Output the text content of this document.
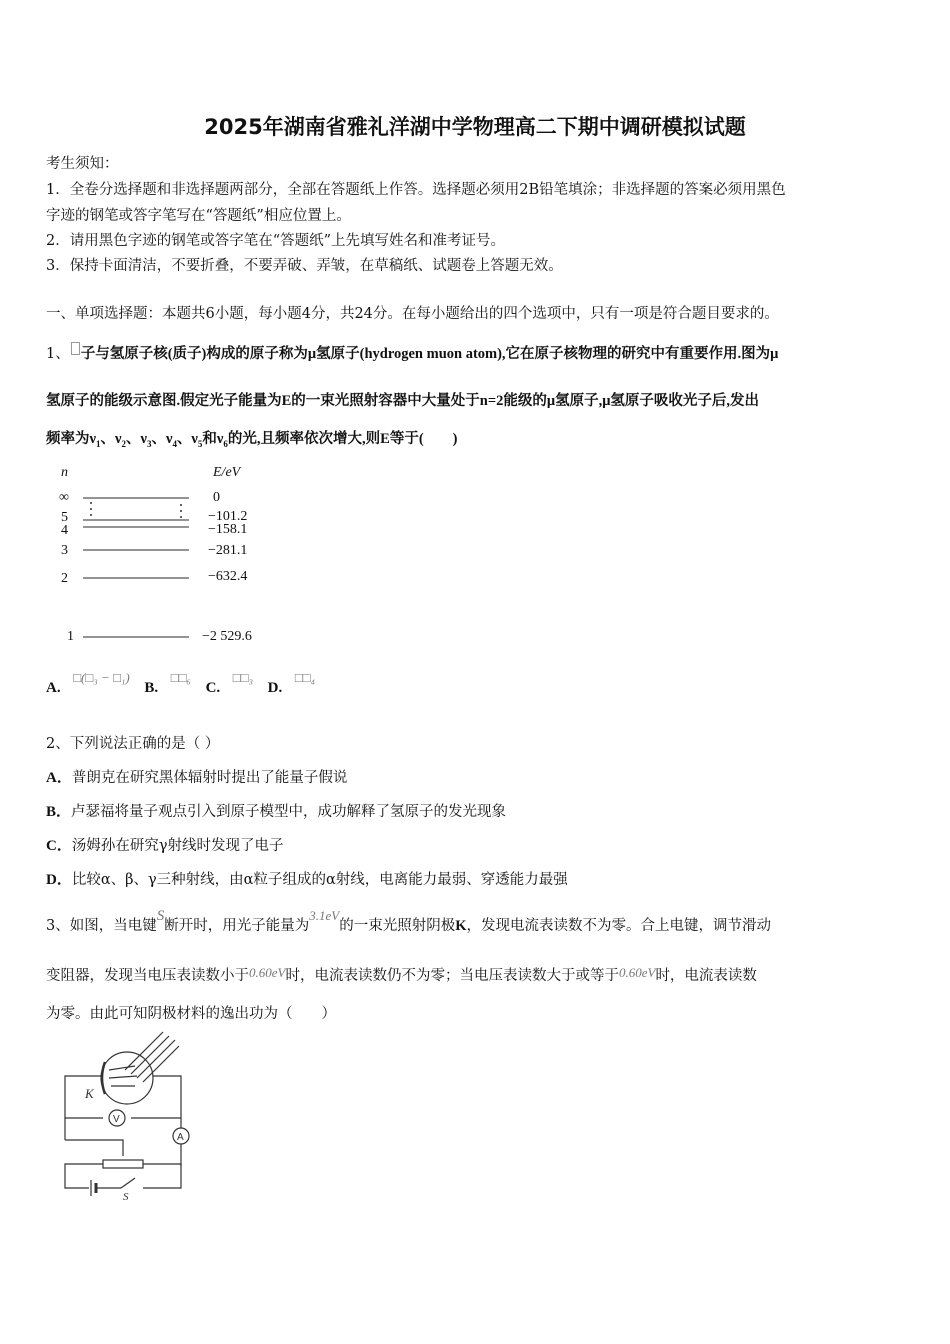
2025年湖南省雅礼洋湖中学物理高二下期中调研模拟试题
考生须知：
1．全卷分选择题和非选择题两部分，全部在答题纸上作答。选择题必须用2B铅笔填涂；非选择题的答案必须用黑色
字迹的钢笔或答字笔写在“答题纸”相应位置上。
2．请用黑色字迹的钢笔或答字笔在“答题纸”上先填写姓名和准考证号。
3．保持卡面清洁，不要折叠，不要弄破、弄皱，在草稿纸、试题卷上答题无效。
一、单项选择题：本题共6小题，每小题4分，共24分。在每小题给出的四个选项中，只有一项是符合题目要求的。
1、 子与氢原子核(质子)构成的原子称为μ氢原子(hydrogen muon atom),它在原子核物理的研究中有重要作用.图为μ
氢原子的能级示意图.假定光子能量为E的一束光照射容器中大量处于n=2能级的μ氢原子,μ氢原子吸收光子后,发出
频率为$\nu_1$、$\nu_2$、$\nu_3$、$\nu_4$、$\nu_5$和$\nu_6$的光,且频率依次增大,则E等于(　　)
n	E/eV
∞	0
5	−101.2
4	−158.1
3	−281.1
2	−632.4
1	−2 529.6
A. □(□₃ − □₁) B. □□₆ C. □□₃ D. □□₄
2、下列说法正确的是（ ）
A．普朗克在研究黑体辐射时提出了能量子假说
B．卢瑟福将量子观点引入到原子模型中，成功解释了氢原子的发光现象
C．汤姆孙在研究γ射线时发现了电子
D．比较α、β、γ三种射线，由α粒子组成的α射线，电离能力最弱、穿透能力最强
3、如图，当电键S断开时，用光子能量为3.1eV的一束光照射阴极K，发现电流表读数不为零。合上电键，调节滑动
变阻器，发现当电压表读数小于0.60eV时，电流表读数仍不为零；当电压表读数大于或等于0.60eV时，电流表读数
为零。由此可知阴极材料的逸出功为（　　）
V
A
K
S
